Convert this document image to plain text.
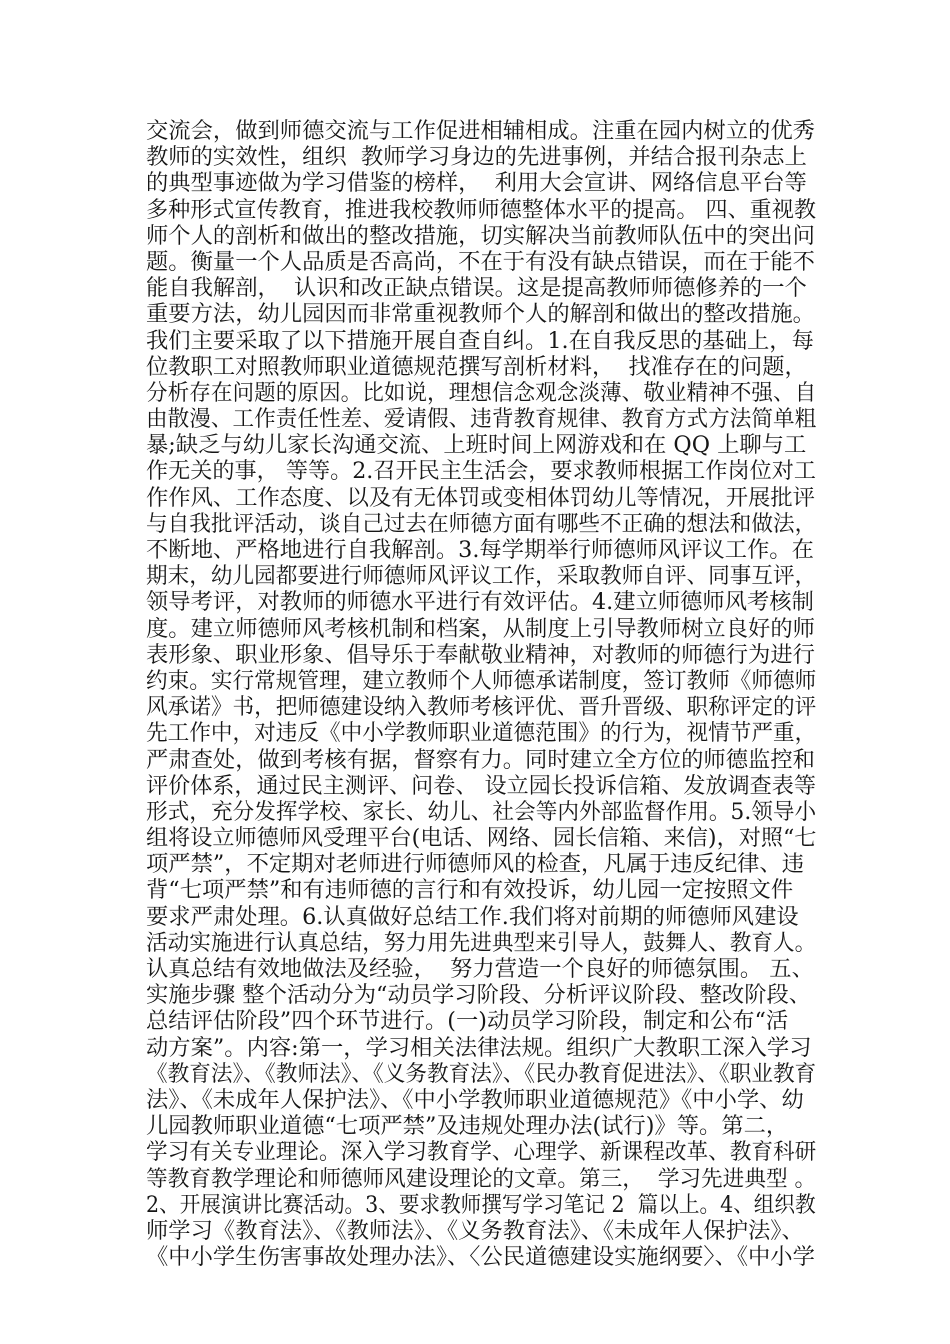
交流会，做到师德交流与工作促进相辅相成。注重在园内树立的优秀
教师的实效性，组织  教师学习身边的先进事例，并结合报刊杂志上
的典型事迹做为学习借鉴的榜样，  利用大会宣讲、网络信息平台等
多种形式宣传教育，推进我校教师师德整体水平的提高。 四、重视教
师个人的剖析和做出的整改措施，切实解决当前教师队伍中的突出问
题。衡量一个人品质是否高尚，不在于有没有缺点错误，而在于能不
能自我解剖，  认识和改正缺点错误。这是提高教师师德修养的一个
重要方法，幼儿园因而非常重视教师个人的解剖和做出的整改措施。
我们主要采取了以下措施开展自查自纠。1.在自我反思的基础上，每
位教职工对照教师职业道德规范撰写剖析材料，  找准存在的问题，
分析存在问题的原因。比如说，理想信念观念淡薄、敬业精神不强、自
由散漫、工作责任性差、爱请假、违背教育规律、教育方式方法简单粗
暴;缺乏与幼儿家长沟通交流、上班时间上网游戏和在 QQ 上聊与工
作无关的事， 等等。2.召开民主生活会，要求教师根据工作岗位对工
作作风、工作态度、以及有无体罚或变相体罚幼儿等情况，开展批评
与自我批评活动，谈自己过去在师德方面有哪些不正确的想法和做法，
不断地、严格地进行自我解剖。3.每学期举行师德师风评议工作。在
期末，幼儿园都要进行师德师风评议工作，采取教师自评、同事互评，
领导考评，对教师的师德水平进行有效评估。4.建立师德师风考核制
度。建立师德师风考核机制和档案，从制度上引导教师树立良好的师
表形象、职业形象、倡导乐于奉献敬业精神，对教师的师德行为进行
约束。实行常规管理，建立教师个人师德承诺制度，签订教师《师德师
风承诺》书，把师德建设纳入教师考核评优、晋升晋级、职称评定的评
先工作中，对违反《中小学教师职业道德范围》的行为，视情节严重，
严肃查处，做到考核有据，督察有力。同时建立全方位的师德监控和
评价体系，通过民主测评、问卷、 设立园长投诉信箱、发放调查表等
形式，充分发挥学校、家长、幼儿、社会等内外部监督作用。5.领导小
组将设立师德师风受理平台(电话、网络、园长信箱、来信)，对照“七
项严禁”，不定期对老师进行师德师风的检查，凡属于违反纪律、违
背“七项严禁”和有违师德的言行和有效投诉，幼儿园一定按照文件
要求严肃处理。6.认真做好总结工作.我们将对前期的师德师风建设
活动实施进行认真总结，努力用先进典型来引导人，鼓舞人、教育人。
认真总结有效地做法及经验，  努力营造一个良好的师德氛围。 五、
实施步骤 整个活动分为“动员学习阶段、分析评议阶段、整改阶段、
总结评估阶段”四个环节进行。(一)动员学习阶段，制定和公布“活
动方案”。内容:第一，学习相关法律法规。组织广大教职工深入学习
《教育法》、《教师法》、《义务教育法》、《民办教育促进法》、《职业教育
法》、《未成年人保护法》、《中小学教师职业道德规范》《中小学、幼
儿园教师职业道德“七项严禁”及违规处理办法(试行)》等。第二，
学习有关专业理论。深入学习教育学、心理学、新课程改革、教育科研
等教育教学理论和师德师风建设理论的文章。第三，  学习先进典型 。
2、开展演讲比赛活动。3、要求教师撰写学习笔记 2  篇以上。4、组织教
师学习《教育法》、《教师法》、《义务教育法》、《未成年人保护法》、
《中小学生伤害事故处理办法》、〈公民道德建设实施纲要〉、《中小学
